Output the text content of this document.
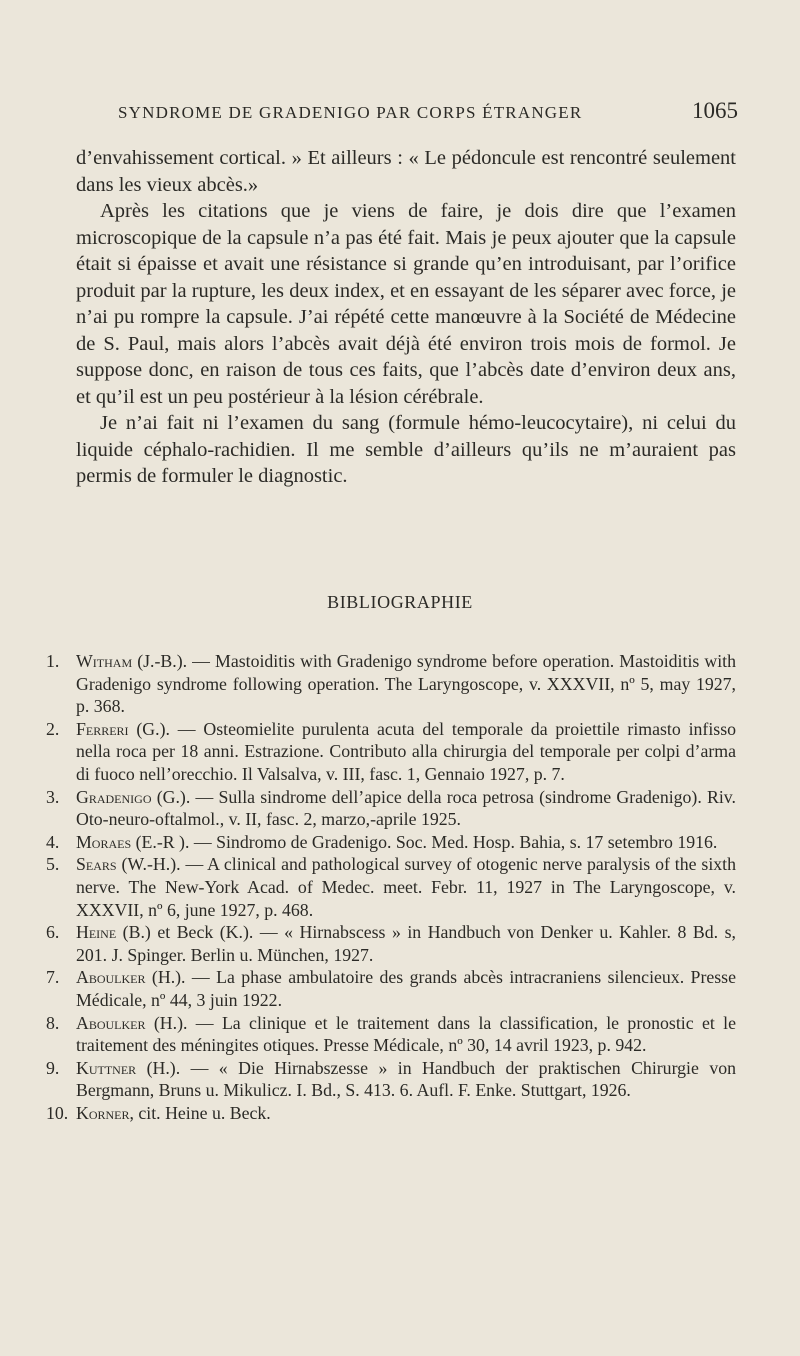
SYNDROME DE GRADENIGO PAR CORPS ÉTRANGER	1065

d’envahissement cortical. » Et ailleurs : « Le pédoncule est rencontré seulement dans les vieux abcès.»

Après les citations que je viens de faire, je dois dire que l’examen microscopique de la capsule n’a pas été fait. Mais je peux ajouter que la capsule était si épaisse et avait une résistance si grande qu’en introduisant, par l’orifice produit par la rupture, les deux index, et en essayant de les séparer avec force, je n’ai pu rompre la capsule. J’ai répété cette manœuvre à la Société de Médecine de S. Paul, mais alors l’abcès avait déjà été environ trois mois de formol. Je suppose donc, en raison de tous ces faits, que l’abcès date d’environ deux ans, et qu’il est un peu postérieur à la lésion cérébrale.

Je n’ai fait ni l’examen du sang (formule hémo-leucocytaire), ni celui du liquide céphalo-rachidien. Il me semble d’ailleurs qu’ils ne m’auraient pas permis de formuler le diagnostic.

BIBLIOGRAPHIE
1. Witham (J.-B.). — Mastoiditis with Gradenigo syndrome before operation. Mastoiditis with Gradenigo syndrome following operation. The Laryngoscope, v. XXXVII, nº 5, may 1927, p. 368.
2. Ferreri (G.). — Osteomielite purulenta acuta del temporale da proiettile rimasto infisso nella roca per 18 anni. Estrazione. Contributo alla chirurgia del temporale per colpi d’arma di fuoco nell’orecchio. Il Valsalva, v. III, fasc. 1, Gennaio 1927, p. 7.
3. Gradenigo (G.). — Sulla sindrome dell’apice della roca petrosa (sindrome Gradenigo). Riv. Oto-neuro-oftalmol., v. II, fasc. 2, marzo,-aprile 1925.
4. Moraes (E.-R ). — Sindromo de Gradenigo. Soc. Med. Hosp. Bahia, s. 17 setembro 1916.
5. Sears (W.-H.). — A clinical and pathological survey of otogenic nerve paralysis of the sixth nerve. The New-York Acad. of Medec. meet. Febr. 11, 1927 in The Laryngoscope, v. XXXVII, nº 6, june 1927, p. 468.
6. Heine (B.) et Beck (K.). — « Hirnabscess » in Handbuch von Denker u. Kahler. 8 Bd. s, 201. J. Spinger. Berlin u. München, 1927.
7. Aboulker (H.). — La phase ambulatoire des grands abcès intracraniens silencieux. Presse Médicale, nº 44, 3 juin 1922.
8. Aboulker (H.). — La clinique et le traitement dans la classification, le pronostic et le traitement des méningites otiques. Presse Médicale, nº 30, 14 avril 1923, p. 942.
9. Kuttner (H.). — « Die Hirnabszesse » in Handbuch der praktischen Chirurgie von Bergmann, Bruns u. Mikulicz. I. Bd., S. 413. 6. Aufl. F. Enke. Stuttgart, 1926.
10. Korner, cit. Heine u. Beck.
